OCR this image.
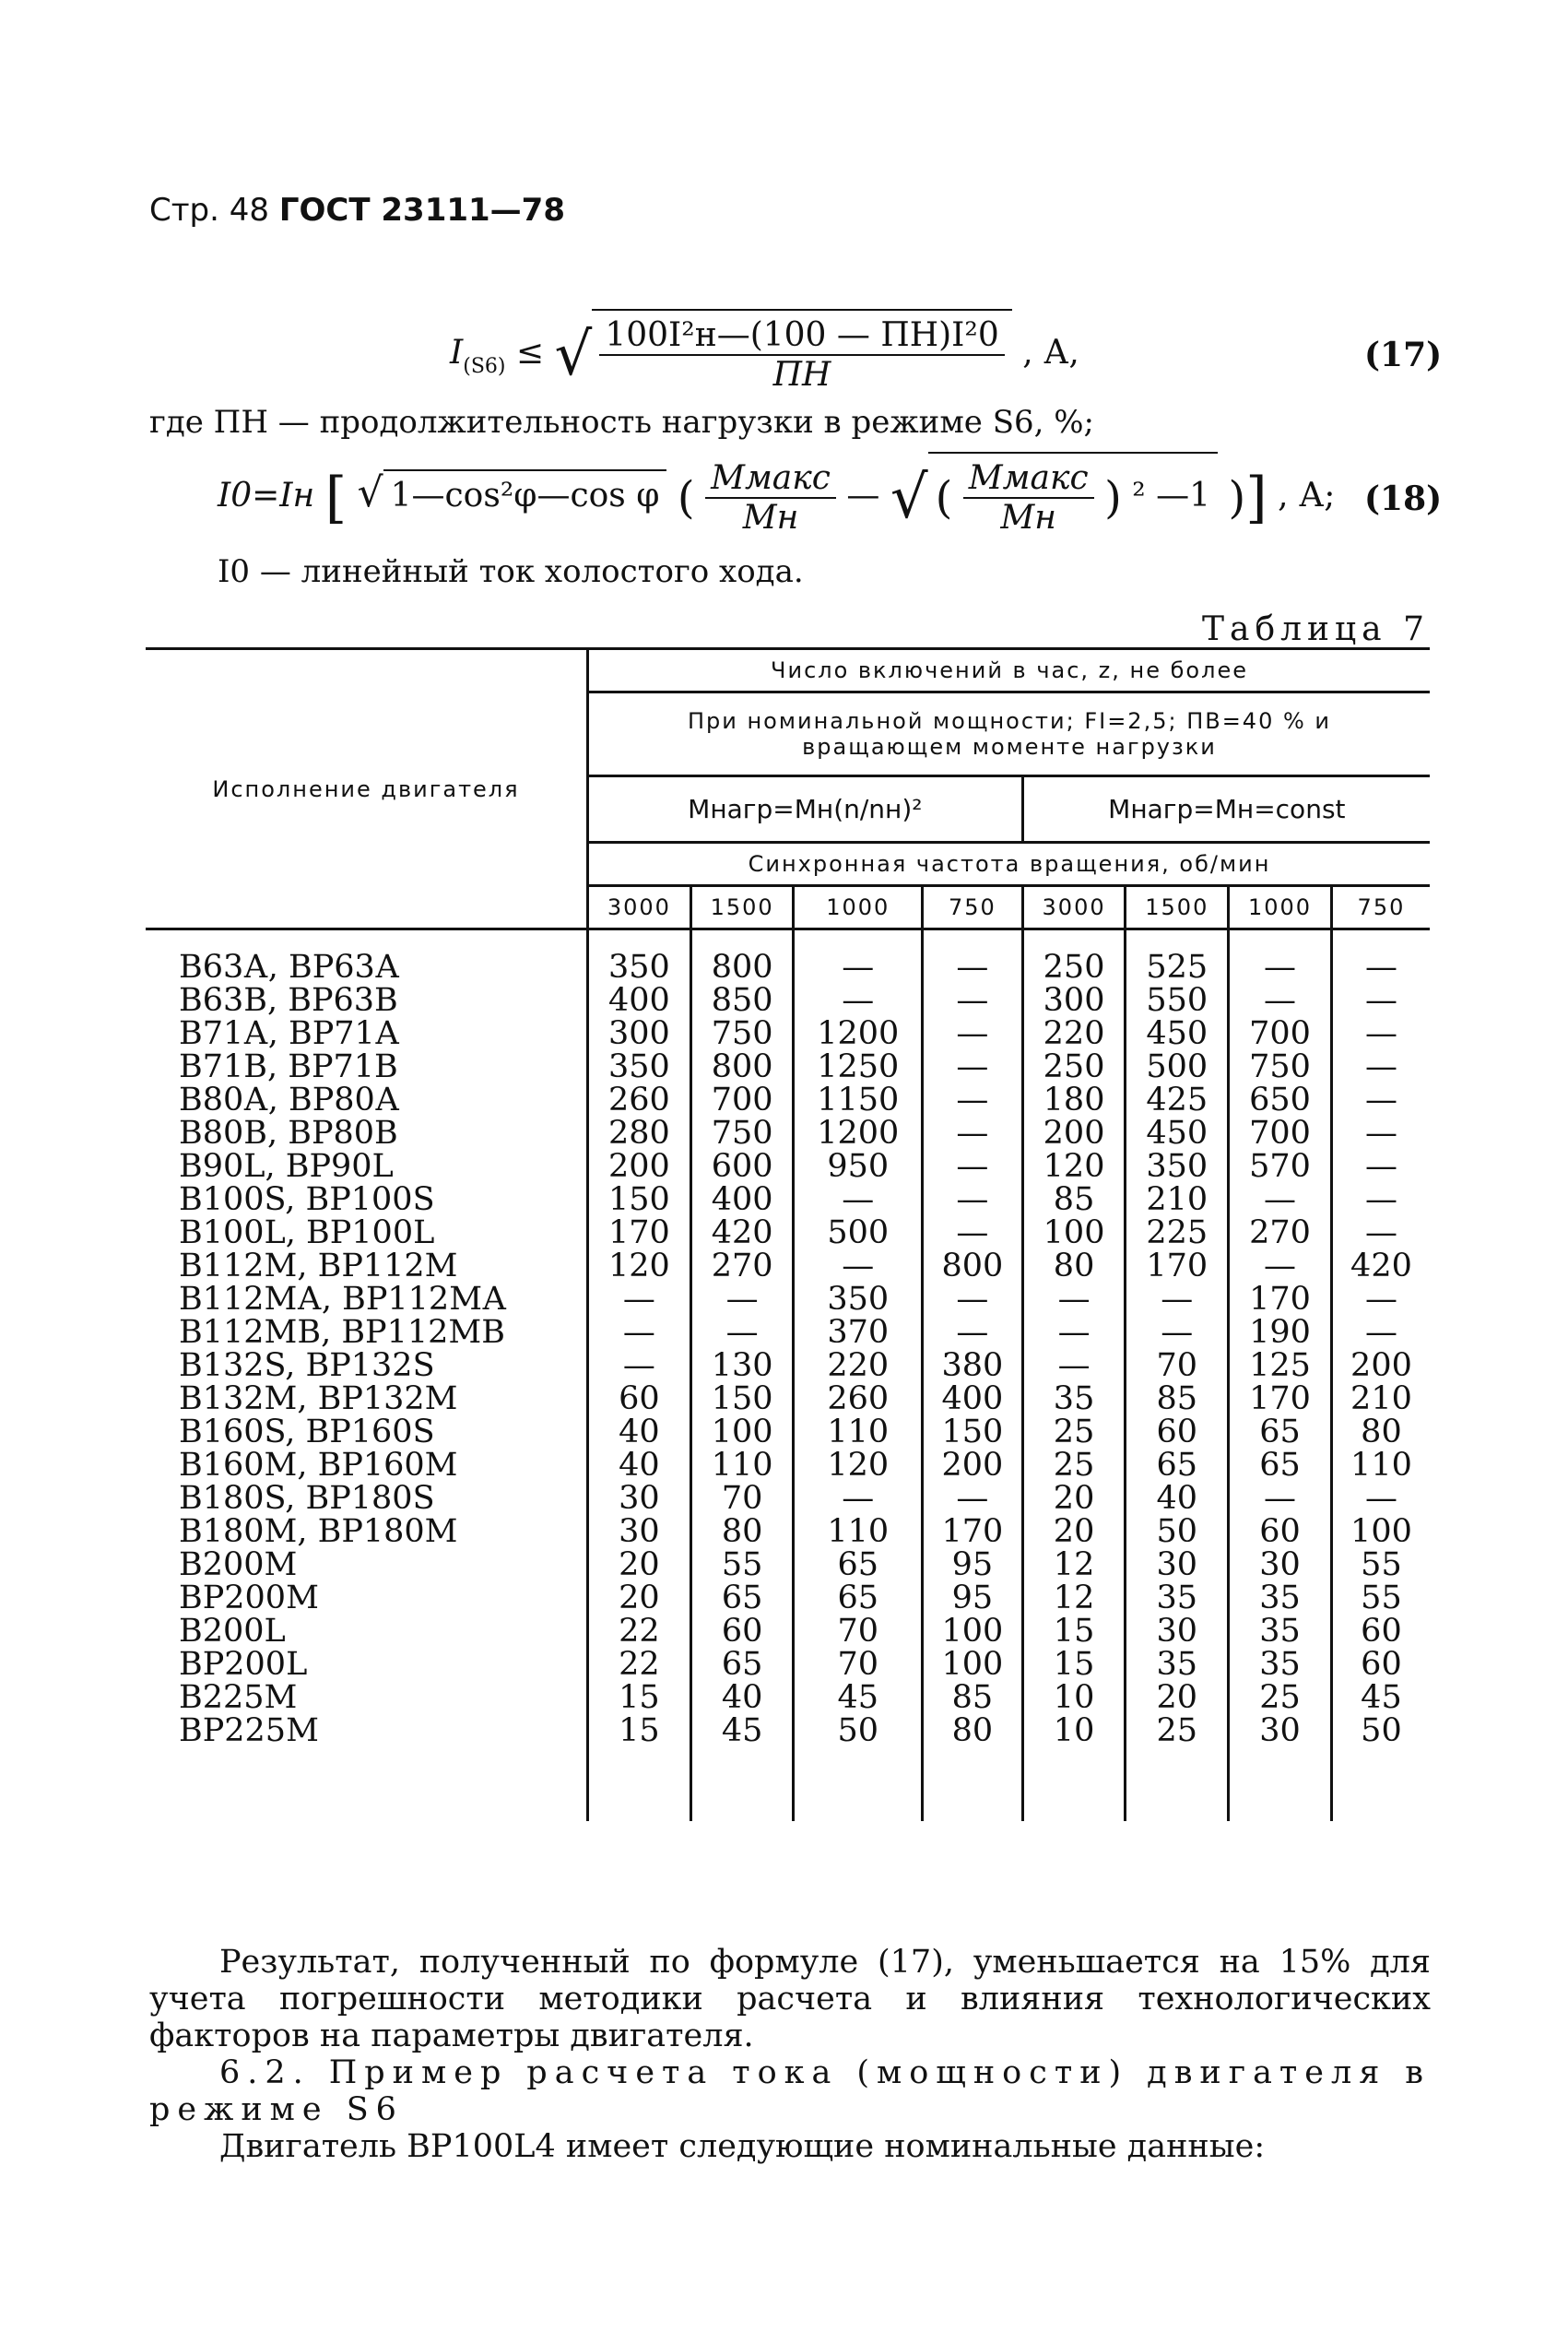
Стр. 48 ГОСТ 23111—78
$I_{(S6)}$ ≤ √ $\frac{\text{100I²н—(100 — ПН)I²0}}{ПН}$ , А,	(17)
где ПН — продолжительность нагрузки в режиме S6, %;
I0=Iн [ √ 1—cos²φ—cos φ ( $\frac{\text{Mмакс}}{Mн}$ — √ ( $\frac{\text{Mмакс}}{Mн}$ ) ² —1 )] , А; (18)
I0 — линейный ток холостого хода.
Таблица 7
Исполнение двигателя	Число включений в час, z, не более							
	При номинальной мощности; FI=2,5; ПВ=40 % и вращающем моменте нагрузки							
	Mнагр=Mн(n/nн)²				Mнагр=Mн=const			
	Синхронная частота вращения, об/мин							
	3000	1500	1000	750	3000	1500	1000	750
В63А, ВР63А	350	800	—	—	250	525	—	—
В63В, ВР63В	400	850	—	—	300	550	—	—
В71А, ВР71А	300	750	1200	—	220	450	700	—
В71В, ВР71В	350	800	1250	—	250	500	750	—
В80А, ВР80А	260	700	1150	—	180	425	650	—
В80В, ВР80В	280	750	1200	—	200	450	700	—
В90L, ВР90L	200	600	950	—	120	350	570	—
В100S, ВР100S	150	400	—	—	85	210	—	—
В100L, ВР100L	170	420	500	—	100	225	270	—
В112М, ВР112М	120	270	—	800	80	170	—	420
В112МА, ВР112МА	—	—	350	—	—	—	170	—
В112МВ, ВР112МВ	—	—	370	—	—	—	190	—
В132S, ВР132S	—	130	220	380	—	70	125	200
В132М, ВР132М	60	150	260	400	35	85	170	210
В160S, ВР160S	40	100	110	150	25	60	65	80
В160М, ВР160М	40	110	120	200	25	65	65	110
В180S, ВР180S	30	70	—	—	20	40	—	—
В180М, ВР180М	30	80	110	170	20	50	60	100
В200М	20	55	65	95	12	30	30	55
ВР200М	20	65	65	95	12	35	35	55
В200L	22	60	70	100	15	30	35	60
ВР200L	22	65	70	100	15	35	35	60
В225М	15	40	45	85	10	20	25	45
ВР225М	15	45	50	80	10	25	30	50

Результат, полученный по формуле (17), уменьшается на 15% для учета погрешности методики расчета и влияния технологических факторов на параметры двигателя.
6.2. Пример расчета тока (мощности) двигателя в режиме S6
Двигатель ВР100L4 имеет следующие номинальные данные:
